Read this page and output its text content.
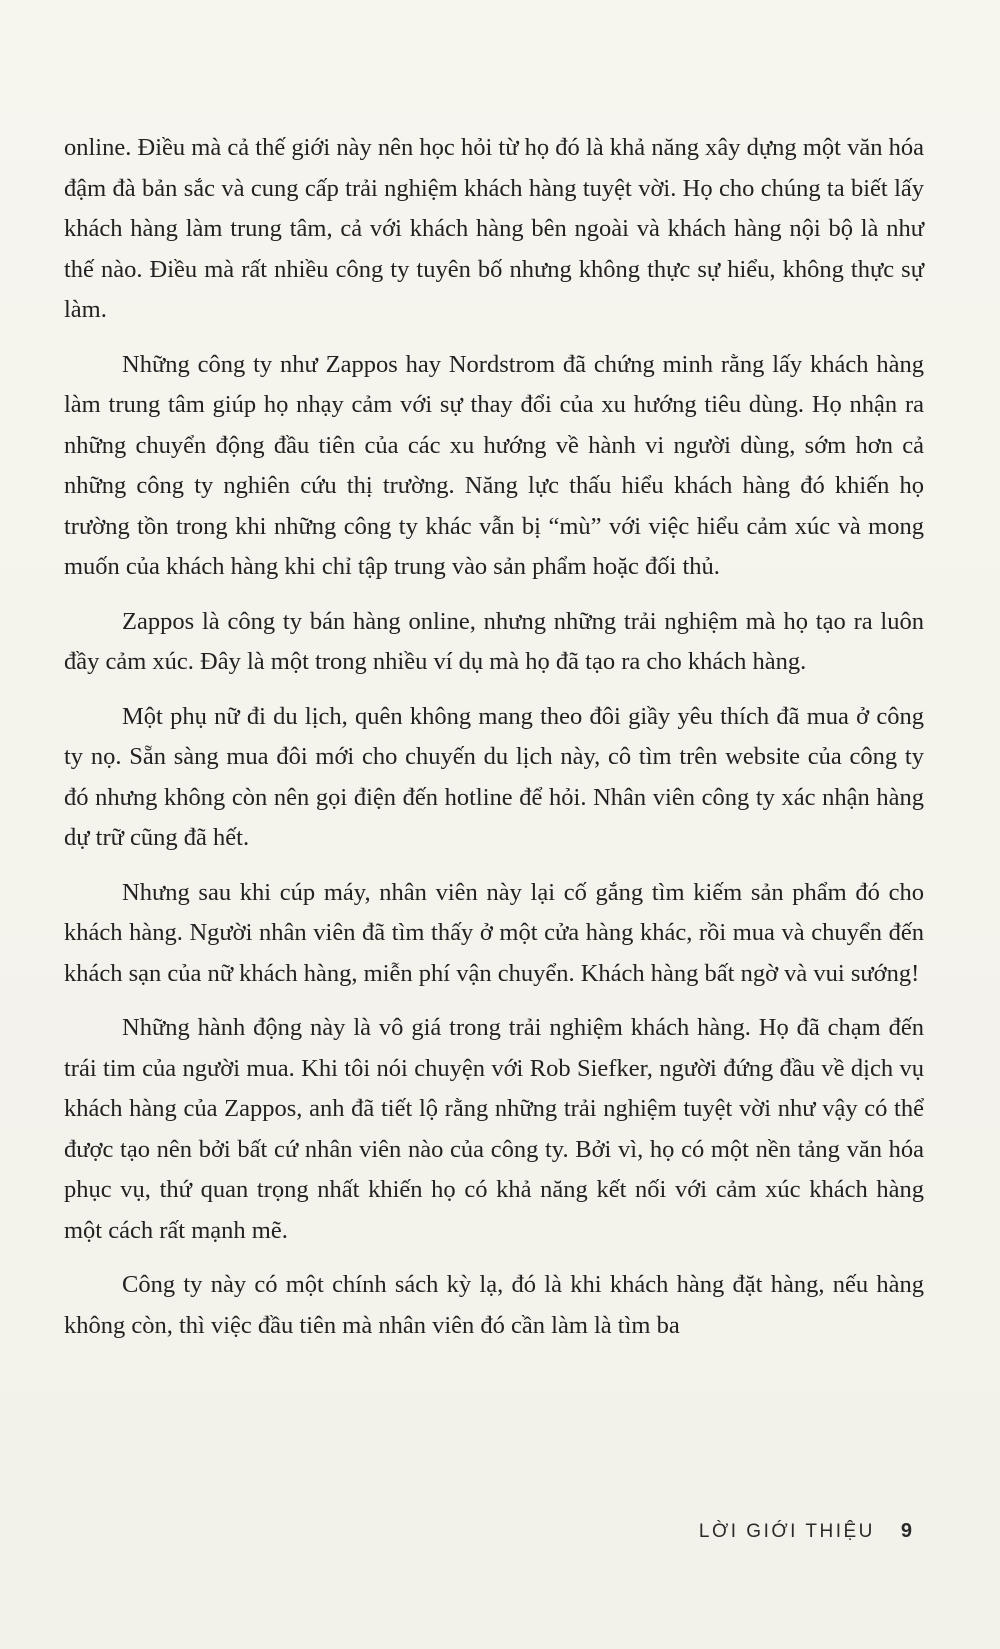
online. Điều mà cả thế giới này nên học hỏi từ họ đó là khả năng xây dựng một văn hóa đậm đà bản sắc và cung cấp trải nghiệm khách hàng tuyệt vời. Họ cho chúng ta biết lấy khách hàng làm trung tâm, cả với khách hàng bên ngoài và khách hàng nội bộ là như thế nào. Điều mà rất nhiều công ty tuyên bố nhưng không thực sự hiểu, không thực sự làm.

Những công ty như Zappos hay Nordstrom đã chứng minh rằng lấy khách hàng làm trung tâm giúp họ nhạy cảm với sự thay đổi của xu hướng tiêu dùng. Họ nhận ra những chuyển động đầu tiên của các xu hướng về hành vi người dùng, sớm hơn cả những công ty nghiên cứu thị trường. Năng lực thấu hiểu khách hàng đó khiến họ trường tồn trong khi những công ty khác vẫn bị “mù” với việc hiểu cảm xúc và mong muốn của khách hàng khi chỉ tập trung vào sản phẩm hoặc đối thủ.

Zappos là công ty bán hàng online, nhưng những trải nghiệm mà họ tạo ra luôn đầy cảm xúc. Đây là một trong nhiều ví dụ mà họ đã tạo ra cho khách hàng.

Một phụ nữ đi du lịch, quên không mang theo đôi giầy yêu thích đã mua ở công ty nọ. Sẵn sàng mua đôi mới cho chuyến du lịch này, cô tìm trên website của công ty đó nhưng không còn nên gọi điện đến hotline để hỏi. Nhân viên công ty xác nhận hàng dự trữ cũng đã hết.

Nhưng sau khi cúp máy, nhân viên này lại cố gắng tìm kiếm sản phẩm đó cho khách hàng. Người nhân viên đã tìm thấy ở một cửa hàng khác, rồi mua và chuyển đến khách sạn của nữ khách hàng, miễn phí vận chuyển. Khách hàng bất ngờ và vui sướng!

Những hành động này là vô giá trong trải nghiệm khách hàng. Họ đã chạm đến trái tim của người mua. Khi tôi nói chuyện với Rob Siefker, người đứng đầu về dịch vụ khách hàng của Zappos, anh đã tiết lộ rằng những trải nghiệm tuyệt vời như vậy có thể được tạo nên bởi bất cứ nhân viên nào của công ty. Bởi vì, họ có một nền tảng văn hóa phục vụ, thứ quan trọng nhất khiến họ có khả năng kết nối với cảm xúc khách hàng một cách rất mạnh mẽ.

Công ty này có một chính sách kỳ lạ, đó là khi khách hàng đặt hàng, nếu hàng không còn, thì việc đầu tiên mà nhân viên đó cần làm là tìm ba

LỜI GIỚI THIỆU 9
